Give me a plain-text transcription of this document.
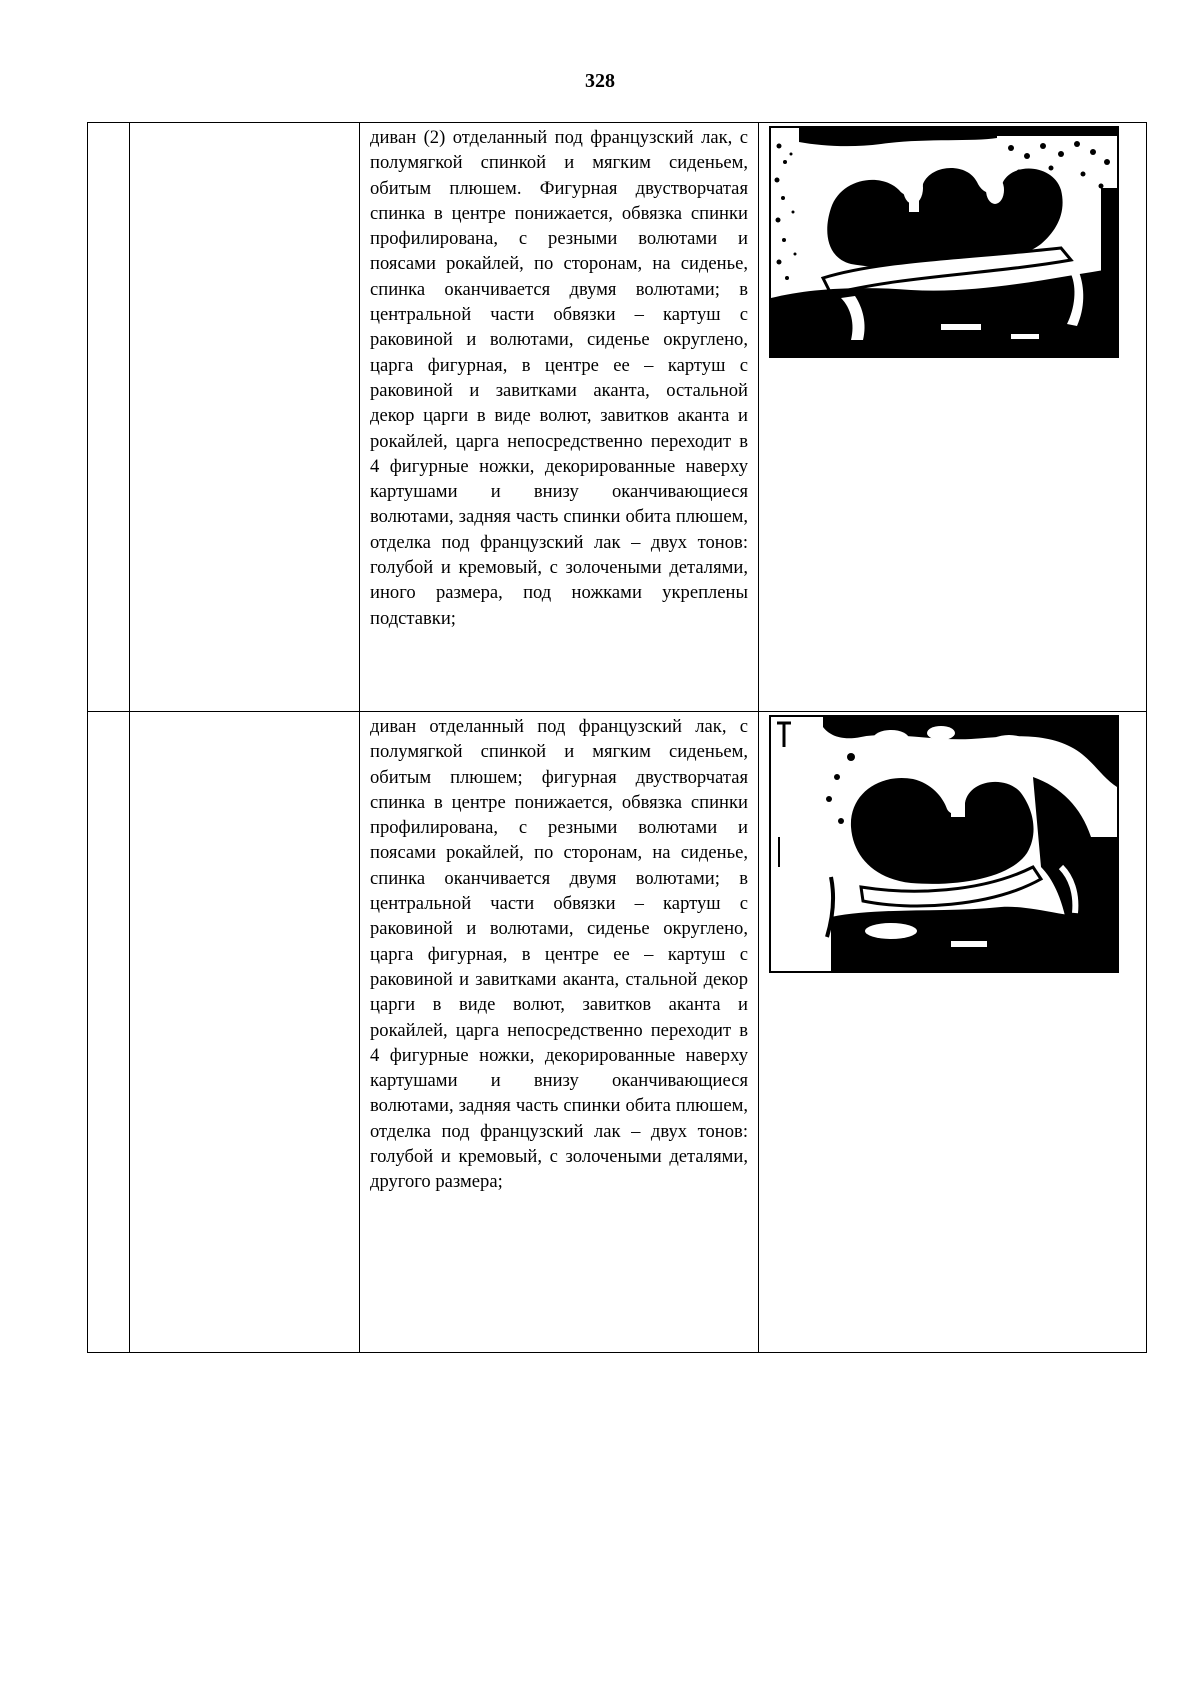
328

		диван (2) отделанный под французский лак, с полумягкой спинкой и мягким сиденьем, обитым плюшем. Фигурная двустворчатая спинка в центре понижается, обвязка спинки профилирована, с резными волютами и поясами рокайлей, по сторонам, на сиденье, спинка оканчивается двумя волютами; в центральной части обвязки – картуш с раковиной и волютами, сиденье округлено, царга фигурная, в центре ее – картуш с раковиной и завитками аканта, остальной декор царги в виде волют, завитков аканта и рокайлей, царга непосредственно переходит в 4 фигурные ножки, декорированные наверху картушами и внизу оканчивающиеся волютами, задняя часть спинки обита плюшем, отделка под французский лак – двух тонов: голубой и кремовый, с золочеными деталями, иного размера, под ножками укреплены подставки;

		диван отделанный под французский лак, с полумягкой спинкой и мягким сиденьем, обитым плюшем; фигурная двустворчатая спинка в центре понижается, обвязка спинки профилирована, с резными волютами и поясами рокайлей, по сторонам, на сиденье, спинка оканчивается двумя волютами; в центральной части обвязки – картуш с раковиной и волютами, сиденье округлено, царга фигурная, в центре ее – картуш с раковиной и завитками аканта, стальной декор царги в виде волют, завитков аканта и рокайлей, царга непосредственно переходит в 4 фигурные ножки, декорированные наверху картушами и внизу оканчивающиеся волютами, задняя часть спинки обита плюшем, отделка под французский лак – двух тонов: голубой и кремовый, с золочеными деталями, другого размера;
